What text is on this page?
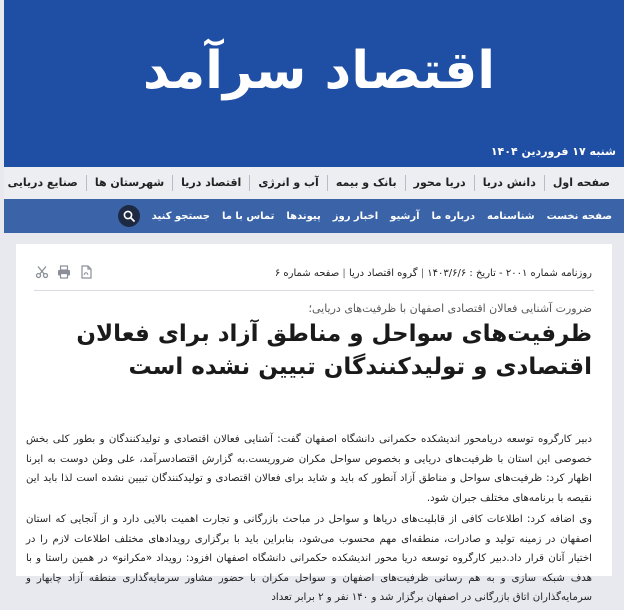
اقتصاد سرآمد
شنبه ۱۷ فروردین ۱۴۰۴
صفحه اول
دانش دریا
دریا محور
بانک و بیمه
آب و انرژی
اقتصاد دریا
شهرستان ها
صنایع دریایی
صفحه نخست
شناسنامه
درباره ما
آرشیو
اخبار روز
پیوندها
تماس با ما
جستجو کنید
روزنامه شماره ۲۰۰۱ - تاریخ : ۱۴۰۳/۶/۶ | گروه اقتصاد دریا | صفحه شماره ۶
ضرورت آشنایی فعالان اقتصادی اصفهان با ظرفیت‌های دریایی؛
ظرفیت‌های سواحل و مناطق آزاد برای فعالان اقتصادی و تولیدکنندگان تبیین نشده است

دبیر کارگروه توسعه دریامحور اندیشکده حکمرانی دانشگاه اصفهان گفت: آشنایی فعالان اقتصادی و تولیدکنندگان و بطور کلی بخش خصوصی این استان با ظرفیت‌های دریایی و بخصوص سواحل مکران ضروریست.به گزارش اقتصادسرآمد، علی وطن دوست به ایرنا اظهار کرد: ظرفیت‌های سواحل و مناطق آزاد آنطور که باید و شاید برای فعالان اقتصادی و تولیدکنندگان تبیین نشده است لذا باید این نقیصه با برنامه‌های مختلف جبران شود.

وی اضافه کرد: اطلاعات کافی از قابلیت‌های دریاها و سواحل در مباحث بازرگانی و تجارت اهمیت بالایی دارد و از آنجایی که استان اصفهان در زمینه تولید و صادرات، منطقه‌ای مهم محسوب می‌شود، بنابراین باید با برگزاری رویدادهای مختلف اطلاعات لازم را در اختیار آنان قرار داد.دبیر کارگروه توسعه دریا محور اندیشکده حکمرانی دانشگاه اصفهان افزود: رویداد «مکرانو» در همین راستا و با هدف شبکه سازی و به هم رسانی ظرفیت‌های اصفهان و سواحل مکران با حضور مشاور سرمایه‌گذاری منطقه آزاد چابهار و سرمایه‌گذاران اتاق بازرگانی در اصفهان برگزار شد و ۱۴۰ نفر و ۲ برابر تعداد
